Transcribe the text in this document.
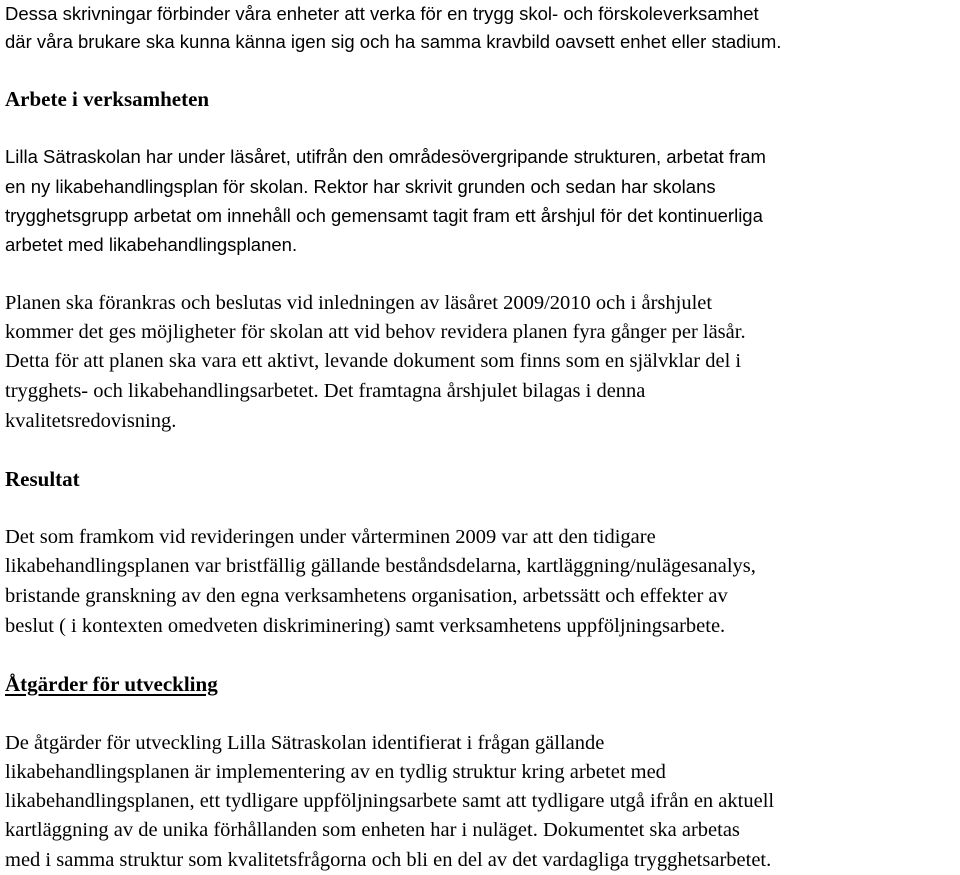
Dessa skrivningar förbinder våra enheter att verka för en trygg skol- och förskoleverksamhet
där våra brukare ska kunna känna igen sig och ha samma kravbild oavsett enhet eller stadium.
Arbete i verksamheten
Lilla Sätraskolan har under läsåret, utifrån den områdesövergripande strukturen, arbetat fram
en ny likabehandlingsplan för skolan. Rektor har skrivit grunden och sedan har skolans
trygghetsgrupp arbetat om innehåll och gemensamt tagit fram ett årshjul för det kontinuerliga
arbetet med likabehandlingsplanen.
Planen ska förankras och beslutas vid inledningen av läsåret 2009/2010 och i årshjulet
kommer det ges möjligheter för skolan att vid behov revidera planen fyra gånger per läsår.
Detta för att planen ska vara ett aktivt, levande dokument som finns som en självklar del i
trygghets- och likabehandlingsarbetet. Det framtagna årshjulet bilagas i denna
kvalitetsredovisning.
Resultat
Det som framkom vid revideringen under vårterminen 2009 var att den tidigare
likabehandlingsplanen var bristfällig gällande beståndsdelarna, kartläggning/nulägesanalys,
bristande granskning av den egna verksamhetens organisation, arbetssätt och effekter av
beslut ( i kontexten omedveten diskriminering) samt verksamhetens uppföljningsarbete.
Åtgärder för utveckling
De åtgärder för utveckling Lilla Sätraskolan identifierat i frågan gällande
likabehandlingsplanen är implementering av en tydlig struktur kring arbetet med
likabehandlingsplanen, ett tydligare uppföljningsarbete samt att tydligare utgå ifrån en aktuell
kartläggning av de unika förhållanden som enheten har i nuläget. Dokumentet ska arbetas
med i samma struktur som kvalitetsfrågorna och bli en del av det vardagliga trygghetsarbetet.
